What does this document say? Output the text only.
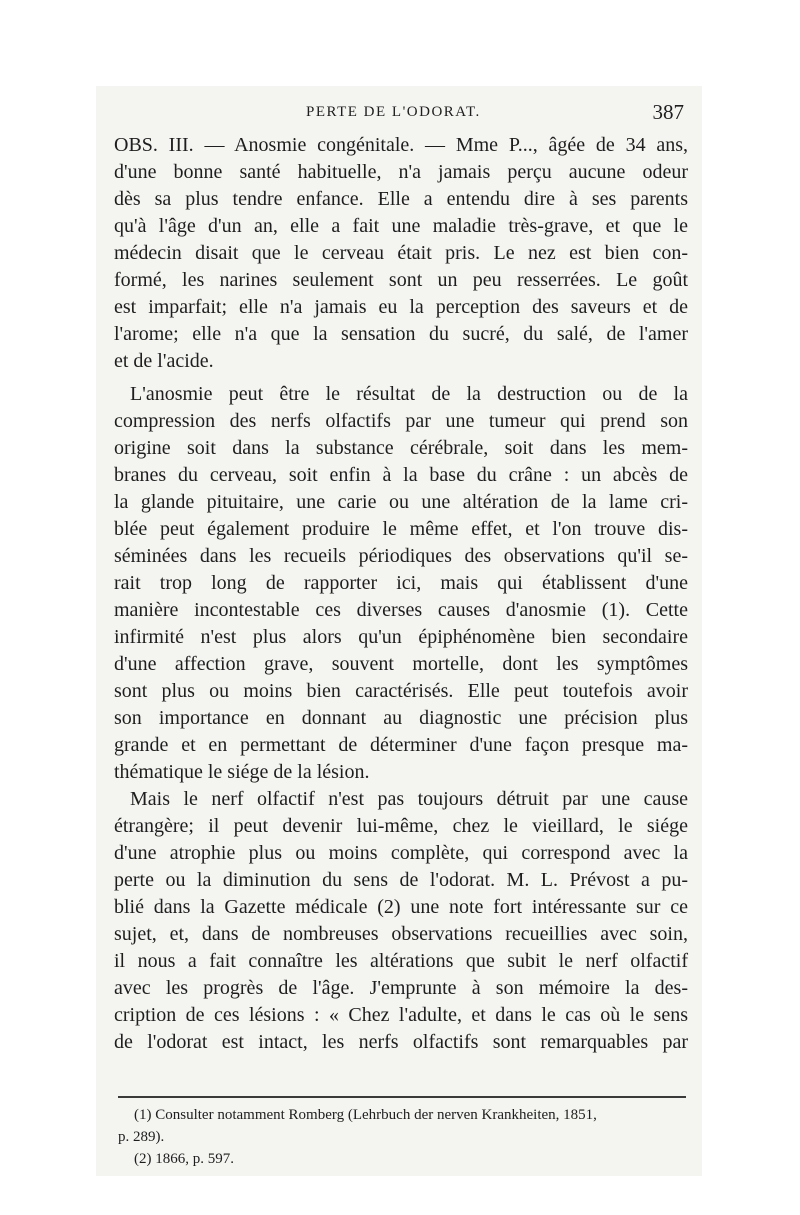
PERTE DE L'ODORAT.	387
OBS. III. — Anosmie congénitale. — Mme P..., âgée de 34 ans,
d'une bonne santé habituelle, n'a jamais perçu aucune odeur
dès sa plus tendre enfance. Elle a entendu dire à ses parents
qu'à l'âge d'un an, elle a fait une maladie très-grave, et que le
médecin disait que le cerveau était pris. Le nez est bien con-
formé, les narines seulement sont un peu resserrées. Le goût
est imparfait; elle n'a jamais eu la perception des saveurs et de
l'arome; elle n'a que la sensation du sucré, du salé, de l'amer
et de l'acide.
L'anosmie peut être le résultat de la destruction ou de la
compression des nerfs olfactifs par une tumeur qui prend son
origine soit dans la substance cérébrale, soit dans les mem-
branes du cerveau, soit enfin à la base du crâne : un abcès de
la glande pituitaire, une carie ou une altération de la lame cri-
blée peut également produire le même effet, et l'on trouve dis-
séminées dans les recueils périodiques des observations qu'il se-
rait trop long de rapporter ici, mais qui établissent d'une
manière incontestable ces diverses causes d'anosmie (1). Cette
infirmité n'est plus alors qu'un épiphénomène bien secondaire
d'une affection grave, souvent mortelle, dont les symptômes
sont plus ou moins bien caractérisés. Elle peut toutefois avoir
son importance en donnant au diagnostic une précision plus
grande et en permettant de déterminer d'une façon presque ma-
thématique le siége de la lésion.
Mais le nerf olfactif n'est pas toujours détruit par une cause
étrangère; il peut devenir lui-même, chez le vieillard, le siége
d'une atrophie plus ou moins complète, qui correspond avec la
perte ou la diminution du sens de l'odorat. M. L. Prévost a pu-
blié dans la Gazette médicale (2) une note fort intéressante sur ce
sujet, et, dans de nombreuses observations recueillies avec soin,
il nous a fait connaître les altérations que subit le nerf olfactif
avec les progrès de l'âge. J'emprunte à son mémoire la des-
cription de ces lésions : « Chez l'adulte, et dans le cas où le sens
de l'odorat est intact, les nerfs olfactifs sont remarquables par
(1) Consulter notamment Romberg (Lehrbuch der nerven Krankheiten, 1851,
p. 289).
(2) 1866, p. 597.
